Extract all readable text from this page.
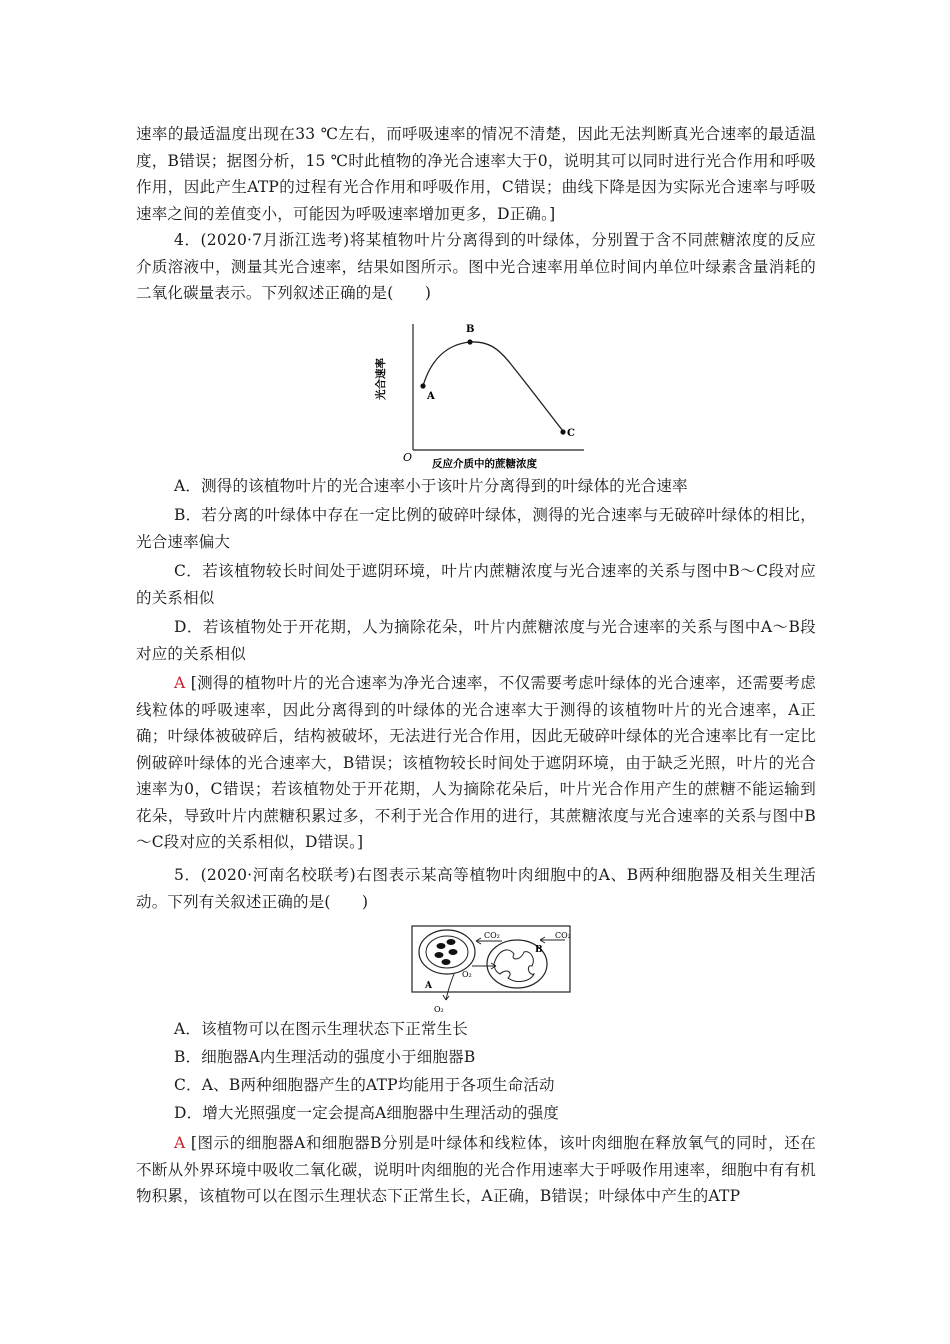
速率的最适温度出现在33 ℃左右，而呼吸速率的情况不清楚，因此无法判断真光合速率的最适温度，B错误；据图分析，15 ℃时此植物的净光合速率大于0，说明其可以同时进行光合作用和呼吸作用，因此产生ATP的过程有光合作用和呼吸作用，C错误；曲线下降是因为实际光合速率与呼吸速率之间的差值变小，可能因为呼吸速率增加更多，D正确。]
4．(2020·7月浙江选考)将某植物叶片分离得到的叶绿体，分别置于含不同蔗糖浓度的反应介质溶液中，测量其光合速率，结果如图所示。图中光合速率用单位时间内单位叶绿素含量消耗的二氧化碳量表示。下列叙述正确的是(　　)
O
光合速率
反应介质中的蔗糖浓度
A
B
C
A．测得的该植物叶片的光合速率小于该叶片分离得到的叶绿体的光合速率
B．若分离的叶绿体中存在一定比例的破碎叶绿体，测得的光合速率与无破碎叶绿体的相比，光合速率偏大
C．若该植物较长时间处于遮阴环境，叶片内蔗糖浓度与光合速率的关系与图中B～C段对应的关系相似
D．若该植物处于开花期，人为摘除花朵，叶片内蔗糖浓度与光合速率的关系与图中A～B段对应的关系相似
A [测得的植物叶片的光合速率为净光合速率，不仅需要考虑叶绿体的光合速率，还需要考虑线粒体的呼吸速率，因此分离得到的叶绿体的光合速率大于测得的该植物叶片的光合速率，A正确；叶绿体被破碎后，结构被破坏，无法进行光合作用，因此无破碎叶绿体的光合速率比有一定比例破碎叶绿体的光合速率大，B错误；该植物较长时间处于遮阴环境，由于缺乏光照，叶片的光合速率为0，C错误；若该植物处于开花期，人为摘除花朵后，叶片光合作用产生的蔗糖不能运输到花朵，导致叶片内蔗糖积累过多，不利于光合作用的进行，其蔗糖浓度与光合速率的关系与图中B～C段对应的关系相似，D错误。]
5．(2020·河南名校联考)右图表示某高等植物叶肉细胞中的A、B两种细胞器及相关生理活动。下列有关叙述正确的是(　　)
CO₂	CO₂
B
A
O₂
O₂
A．该植物可以在图示生理状态下正常生长
B．细胞器A内生理活动的强度小于细胞器B
C．A、B两种细胞器产生的ATP均能用于各项生命活动
D．增大光照强度一定会提高A细胞器中生理活动的强度
A [图示的细胞器A和细胞器B分别是叶绿体和线粒体，该叶肉细胞在释放氧气的同时，还在不断从外界环境中吸收二氧化碳，说明叶肉细胞的光合作用速率大于呼吸作用速率，细胞中有有机物积累，该植物可以在图示生理状态下正常生长，A正确，B错误；叶绿体中产生的ATP
